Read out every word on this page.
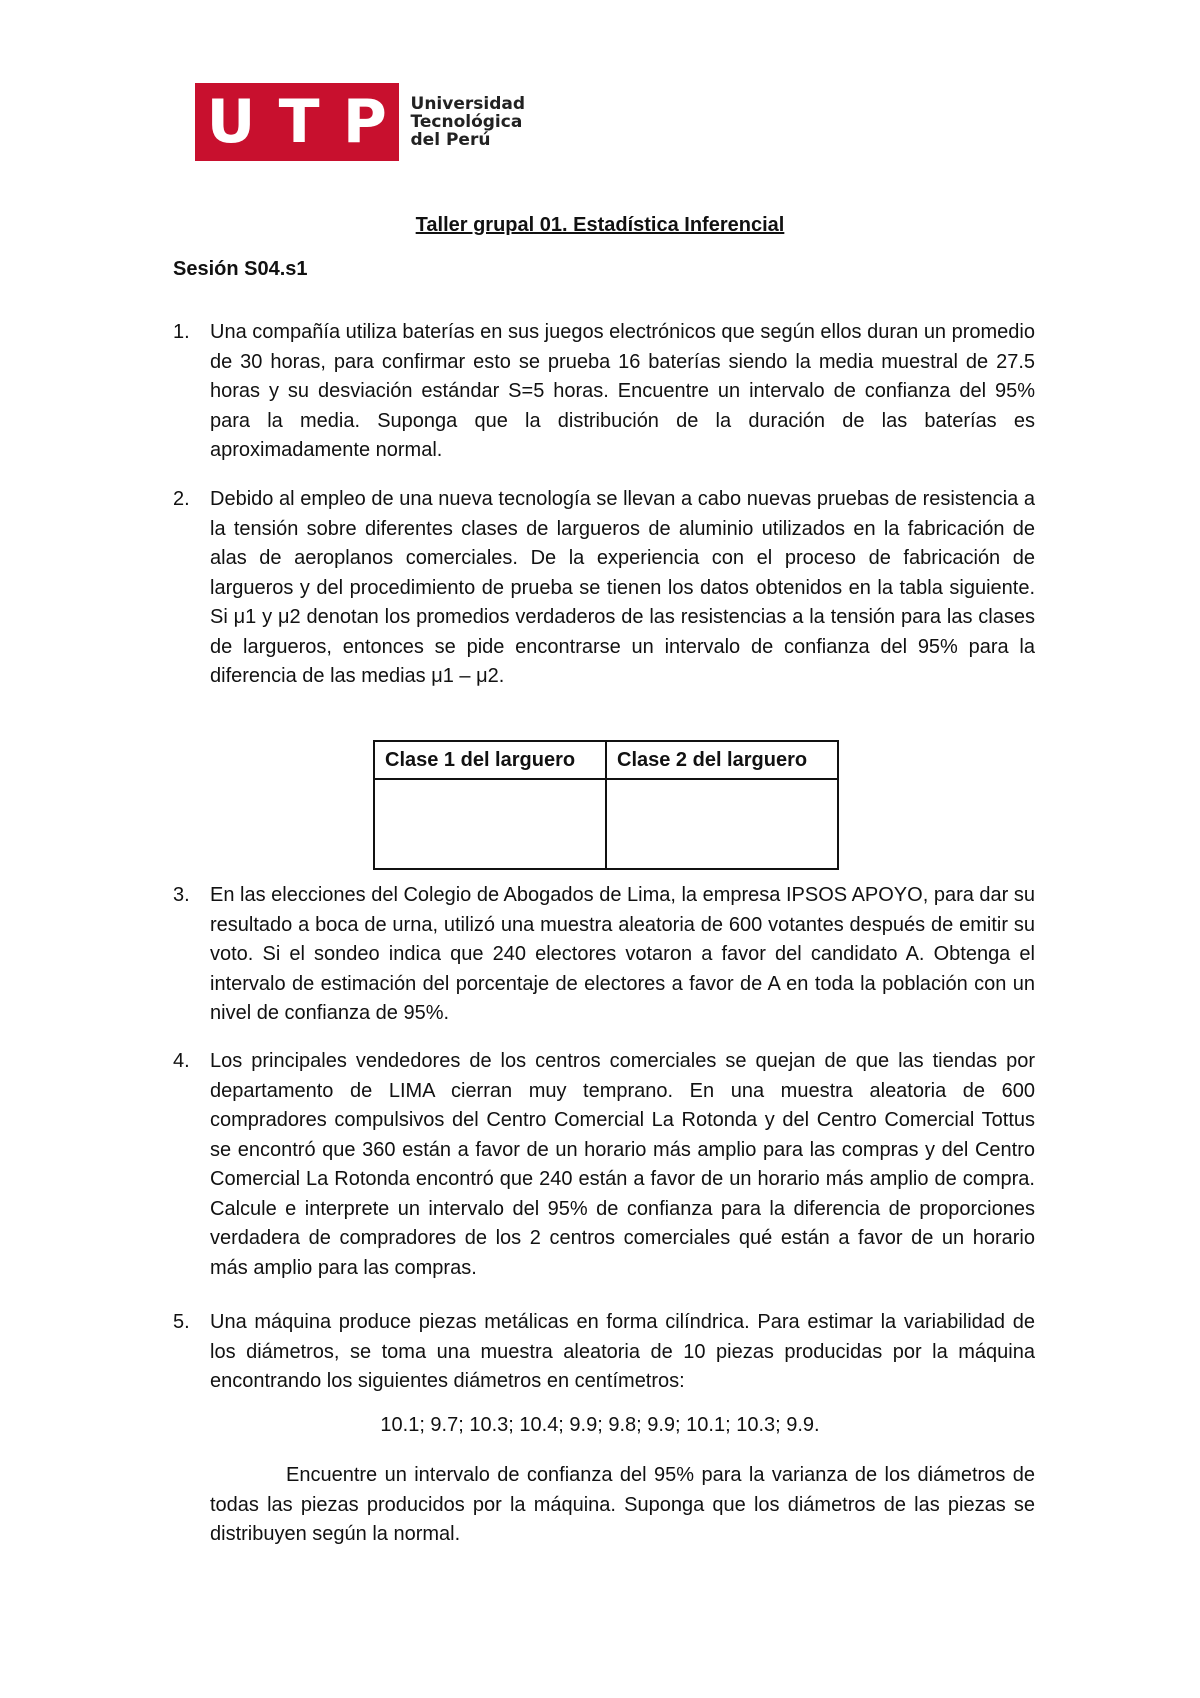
U T P Universidad
Tecnológica
del Perú
Taller grupal 01. Estadística Inferencial
Sesión S04.s1
1.	Una compañía utiliza baterías en sus juegos electrónicos que según ellos duran un promedio de 30 horas, para confirmar esto se prueba 16 baterías siendo la media muestral de 27.5 horas y su desviación estándar S=5 horas. Encuentre un intervalo de confianza del 95% para la media. Suponga que la distribución de la duración de las baterías es aproximadamente normal.
2.	Debido al empleo de una nueva tecnología se llevan a cabo nuevas pruebas de resistencia a la tensión sobre diferentes clases de largueros de aluminio utilizados en la fabricación de alas de aeroplanos comerciales. De la experiencia con el proceso de fabricación de largueros y del procedimiento de prueba se tienen los datos obtenidos en la tabla siguiente. Si μ1 y μ2 denotan los promedios verdaderos de las resistencias a la tensión para las clases de largueros, entonces se pide encontrarse un intervalo de confianza del 95% para la diferencia de las medias μ1 – μ2.
Clase 1 del larguero	Clase 2 del larguero

3.	En las elecciones del Colegio de Abogados de Lima, la empresa IPSOS APOYO, para dar su resultado a boca de urna, utilizó una muestra aleatoria de 600 votantes después de emitir su voto. Si el sondeo indica que 240 electores votaron a favor del candidato A. Obtenga el intervalo de estimación del porcentaje de electores a favor de A en toda la población con un nivel de confianza de 95%.
4.	Los principales vendedores de los centros comerciales se quejan de que las tiendas por departamento de LIMA cierran muy temprano. En una muestra aleatoria de 600 compradores compulsivos del Centro Comercial La Rotonda y del Centro Comercial Tottus se encontró que 360 están a favor de un horario más amplio para las compras y del Centro Comercial La Rotonda encontró que 240 están a favor de un horario más amplio de compra. Calcule e interprete un intervalo del 95% de confianza para la diferencia de proporciones verdadera de compradores de los 2 centros comerciales qué están a favor de un horario más amplio para las compras.
5.	Una máquina produce piezas metálicas en forma cilíndrica. Para estimar la variabilidad de los diámetros, se toma una muestra aleatoria de 10 piezas producidas por la máquina encontrando los siguientes diámetros en centímetros:
10.1; 9.7; 10.3; 10.4; 9.9; 9.8; 9.9; 10.1; 10.3; 9.9.
Encuentre un intervalo de confianza del 95% para la varianza de los diámetros de todas las piezas producidos por la máquina. Suponga que los diámetros de las piezas se distribuyen según la normal.
